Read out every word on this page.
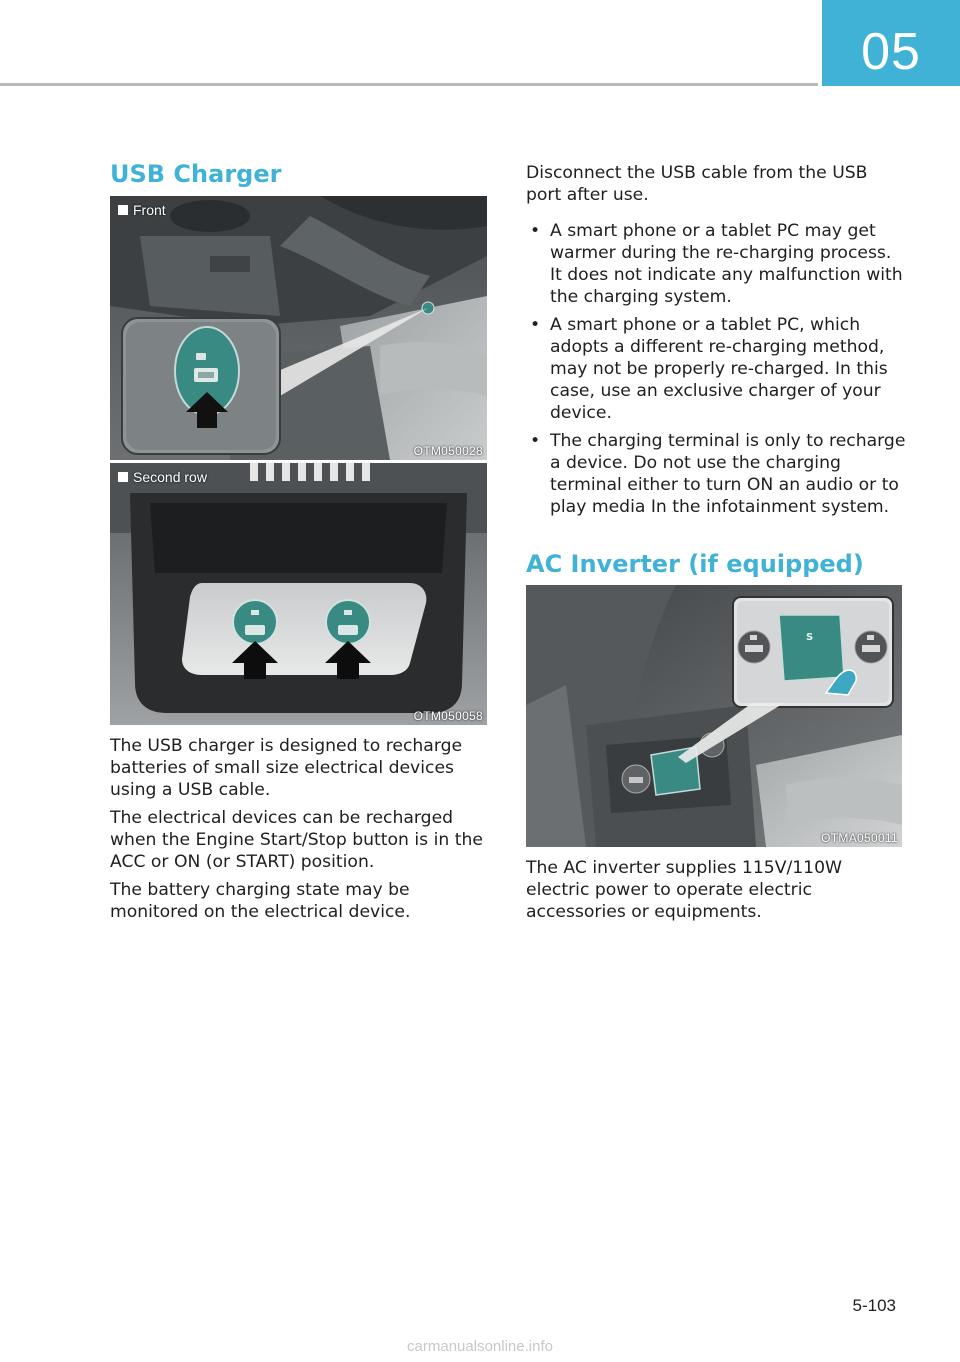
05
USB Charger
Front
OTM050028
Second row
OTM050058

The USB charger is designed to recharge batteries of small size electrical devices using a USB cable.

The electrical devices can be recharged when the Engine Start/Stop button is in the ACC or ON (or START) position.

The battery charging state may be monitored on the electrical device.

Disconnect the USB cable from the USB port after use.

• A smart phone or a tablet PC may get warmer during the re-charging process. It does not indicate any malfunction with the charging system.
• A smart phone or a tablet PC, which adopts a different re-charging method, may not be properly re-charged. In this case, use an exclusive charger of your device.
• The charging terminal is only to recharge a device. Do not use the charging terminal either to turn ON an audio or to play media In the infotainment system.
AC Inverter (if equipped)
S
OTMA050011

The AC inverter supplies 115V/110W electric power to operate electric accessories or equipments.

5-103
carmanualsonline.info
